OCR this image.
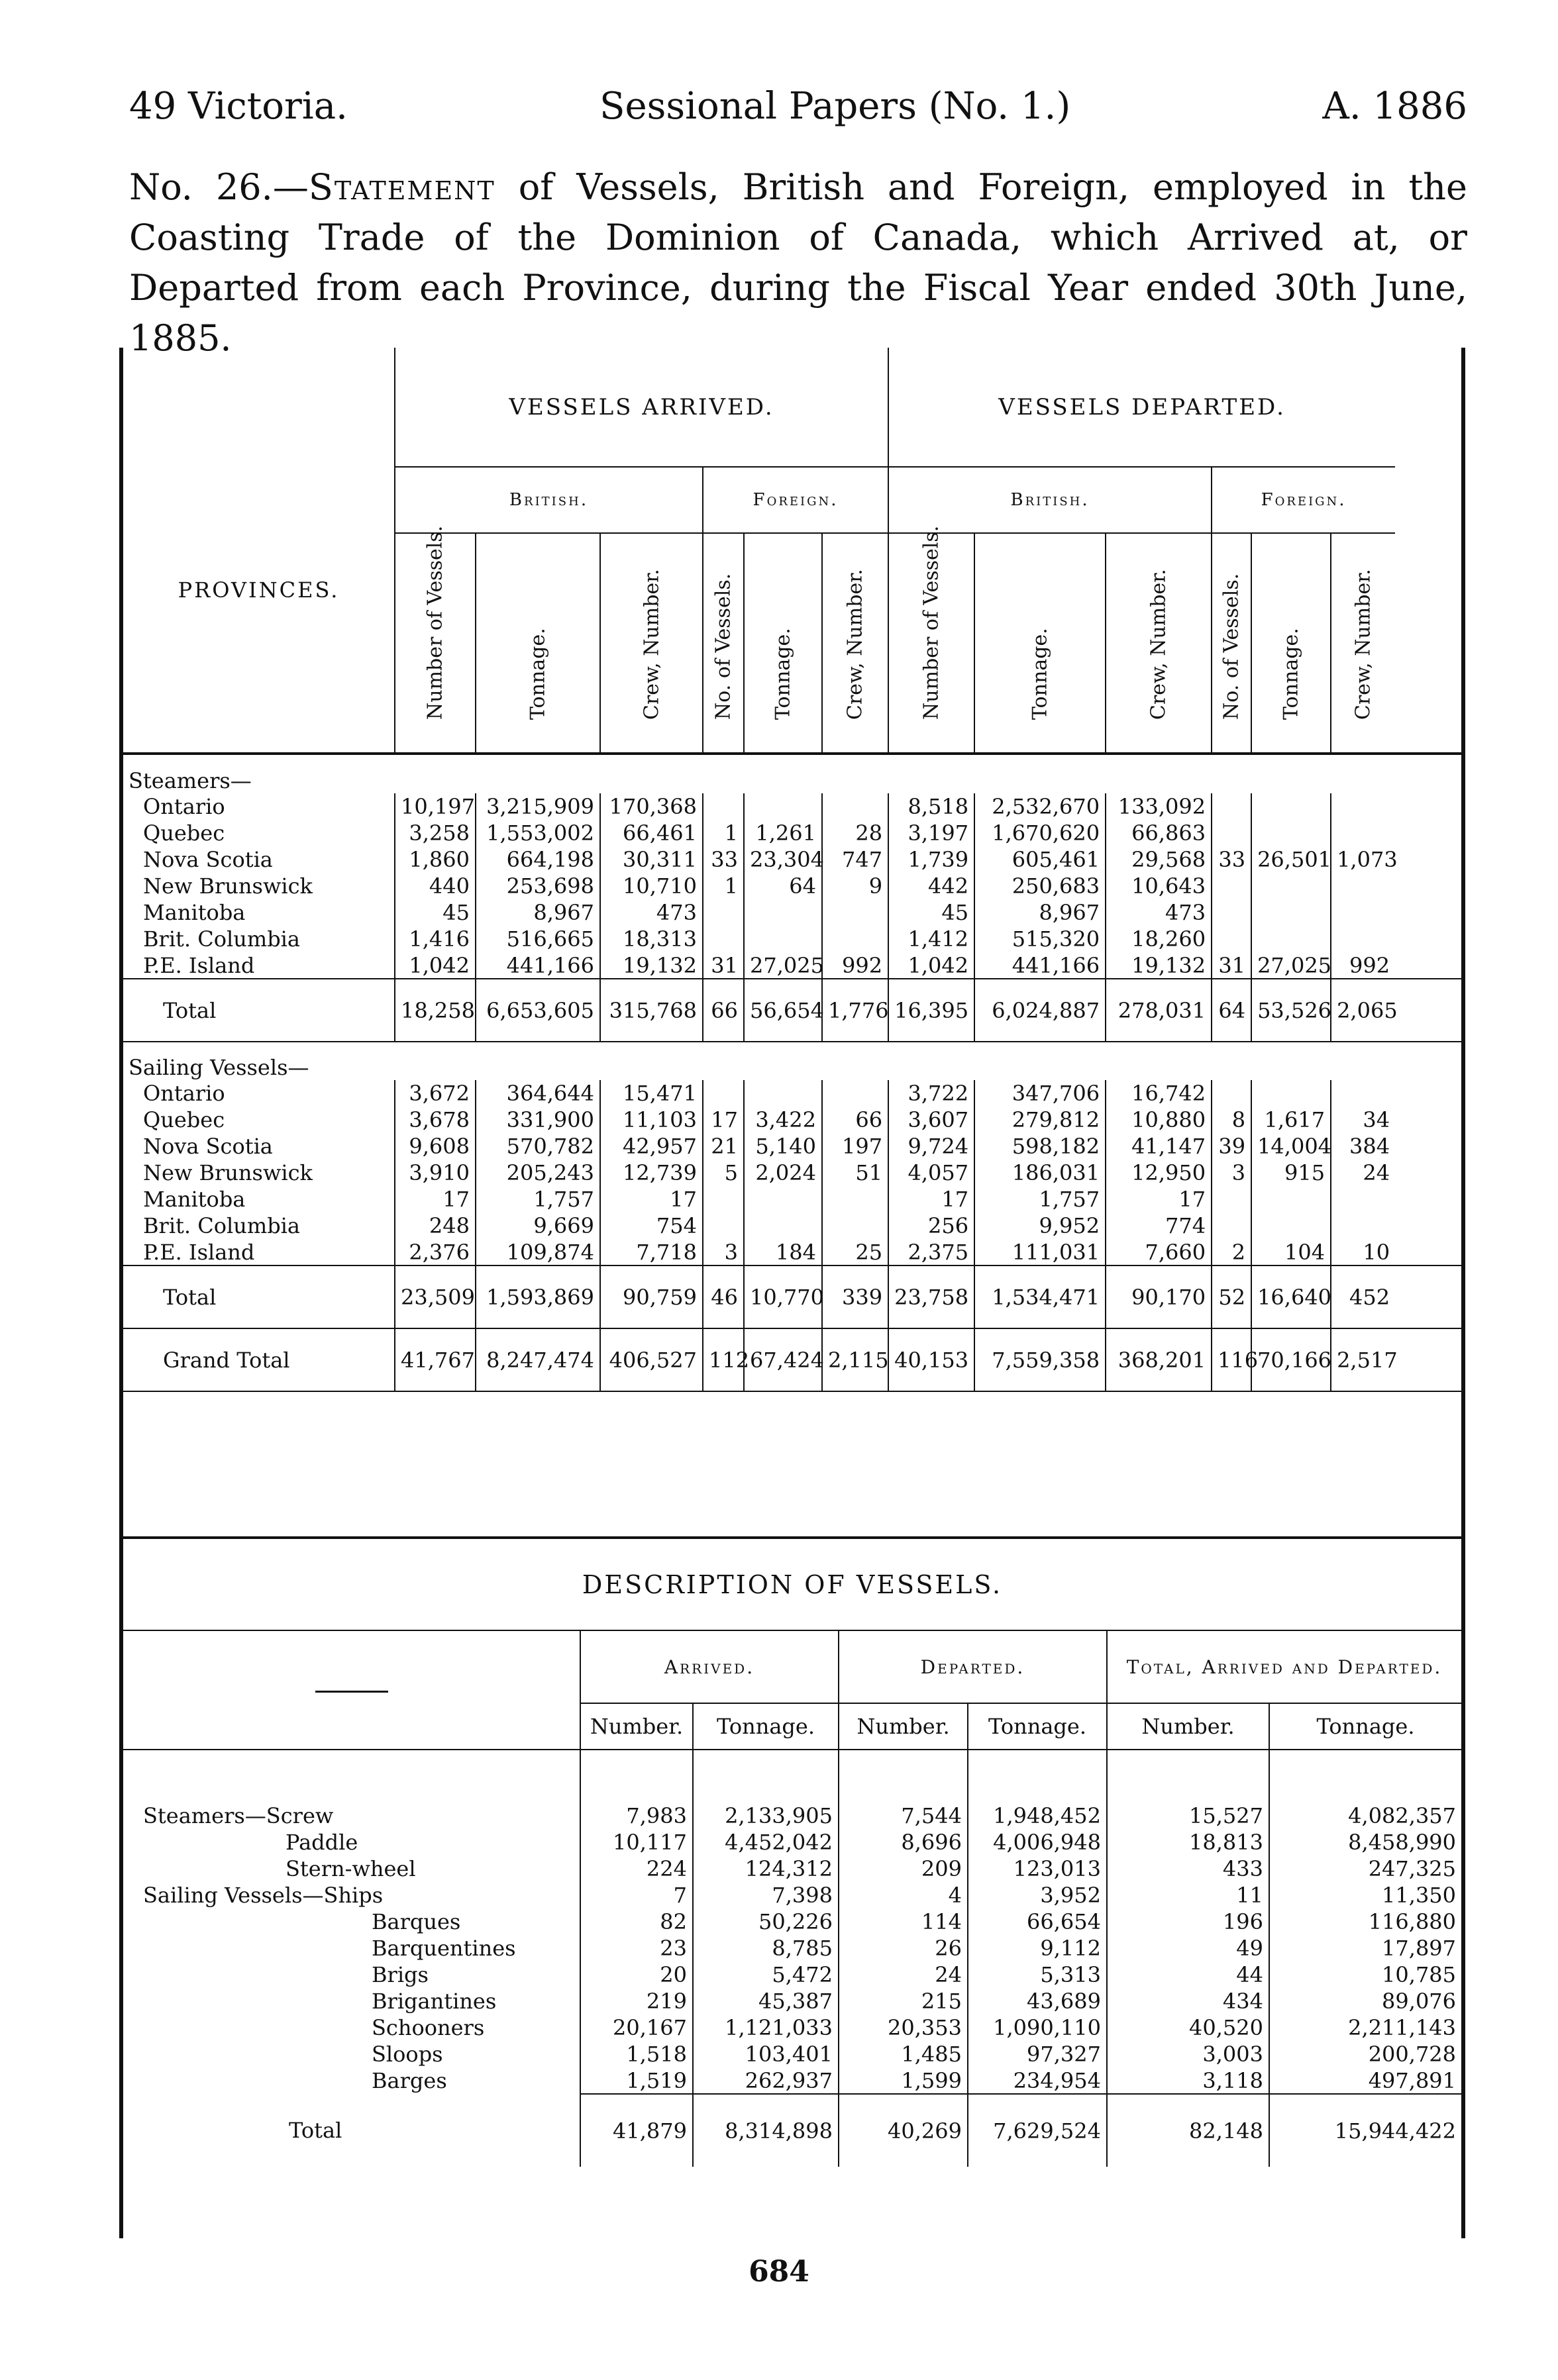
49 Victoria.	Sessional Papers (No. 1.)	A. 1886
No. 26.—Statement of Vessels, British and Foreign, employed in the Coasting Trade of the Dominion of Canada, which Arrived at, or Departed from each Province, during the Fiscal Year ended 30th June, 1885.
PROVINCES.	VESSELS ARRIVED.						VESSELS DEPARTED.						
	British.			Foreign.			British.			Foreign.			

	Number of Vessels.	Tonnage.	Crew, Number.	No. of Vessels.	Tonnage.	Crew, Number.	Number of Vessels.	Tonnage.	Crew, Number.	No. of Vessels.	Tonnage.	Crew, Number.	

Steamers—													
Ontario	10,197	3,215,909	170,368				8,518	2,532,670	133,092				
Quebec	3,258	1,553,002	66,461	1	1,261	28	3,197	1,670,620	66,863				
Nova Scotia	1,860	664,198	30,311	33	23,304	747	1,739	605,461	29,568	33	26,501	1,073	
New Brunswick	440	253,698	10,710	1	64	9	442	250,683	10,643				
Manitoba	45	8,967	473				45	8,967	473				
Brit. Columbia	1,416	516,665	18,313				1,412	515,320	18,260				
P.E. Island	1,042	441,166	19,132	31	27,025	992	1,042	441,166	19,132	31	27,025	992	
Total	18,258	6,653,605	315,768	66	56,654	1,776	16,395	6,024,887	278,031	64	53,526	2,065	
Sailing Vessels—													
Ontario	3,672	364,644	15,471				3,722	347,706	16,742				
Quebec	3,678	331,900	11,103	17	3,422	66	3,607	279,812	10,880	8	1,617	34	
Nova Scotia	9,608	570,782	42,957	21	5,140	197	9,724	598,182	41,147	39	14,004	384	
New Brunswick	3,910	205,243	12,739	5	2,024	51	4,057	186,031	12,950	3	915	24	
Manitoba	17	1,757	17				17	1,757	17				
Brit. Columbia	248	9,669	754				256	9,952	774				
P.E. Island	2,376	109,874	7,718	3	184	25	2,375	111,031	7,660	2	104	10	
Total	23,509	1,593,869	90,759	46	10,770	339	23,758	1,534,471	90,170	52	16,640	452	
Grand Total	41,767	8,247,474	406,527	112	67,424	2,115	40,153	7,559,358	368,201	116	70,166	2,517	
DESCRIPTION OF VESSELS.						
	Arrived.		Departed.		Total, Arrived and Departed.	
	Number.	Tonnage.	Number.	Tonnage.	Number.	Tonnage.

Steamers—Screw	7,983	2,133,905	7,544	1,948,452	15,527	4,082,357
Paddle	10,117	4,452,042	8,696	4,006,948	18,813	8,458,990
Stern-wheel	224	124,312	209	123,013	433	247,325
Sailing Vessels—Ships	7	7,398	4	3,952	11	11,350
Barques	82	50,226	114	66,654	196	116,880
Barquentines	23	8,785	26	9,112	49	17,897
Brigs	20	5,472	24	5,313	44	10,785
Brigantines	219	45,387	215	43,689	434	89,076
Schooners	20,167	1,121,033	20,353	1,090,110	40,520	2,211,143
Sloops	1,518	103,401	1,485	97,327	3,003	200,728
Barges	1,519	262,937	1,599	234,954	3,118	497,891
Total	41,879	8,314,898	40,269	7,629,524	82,148	15,944,422
684
